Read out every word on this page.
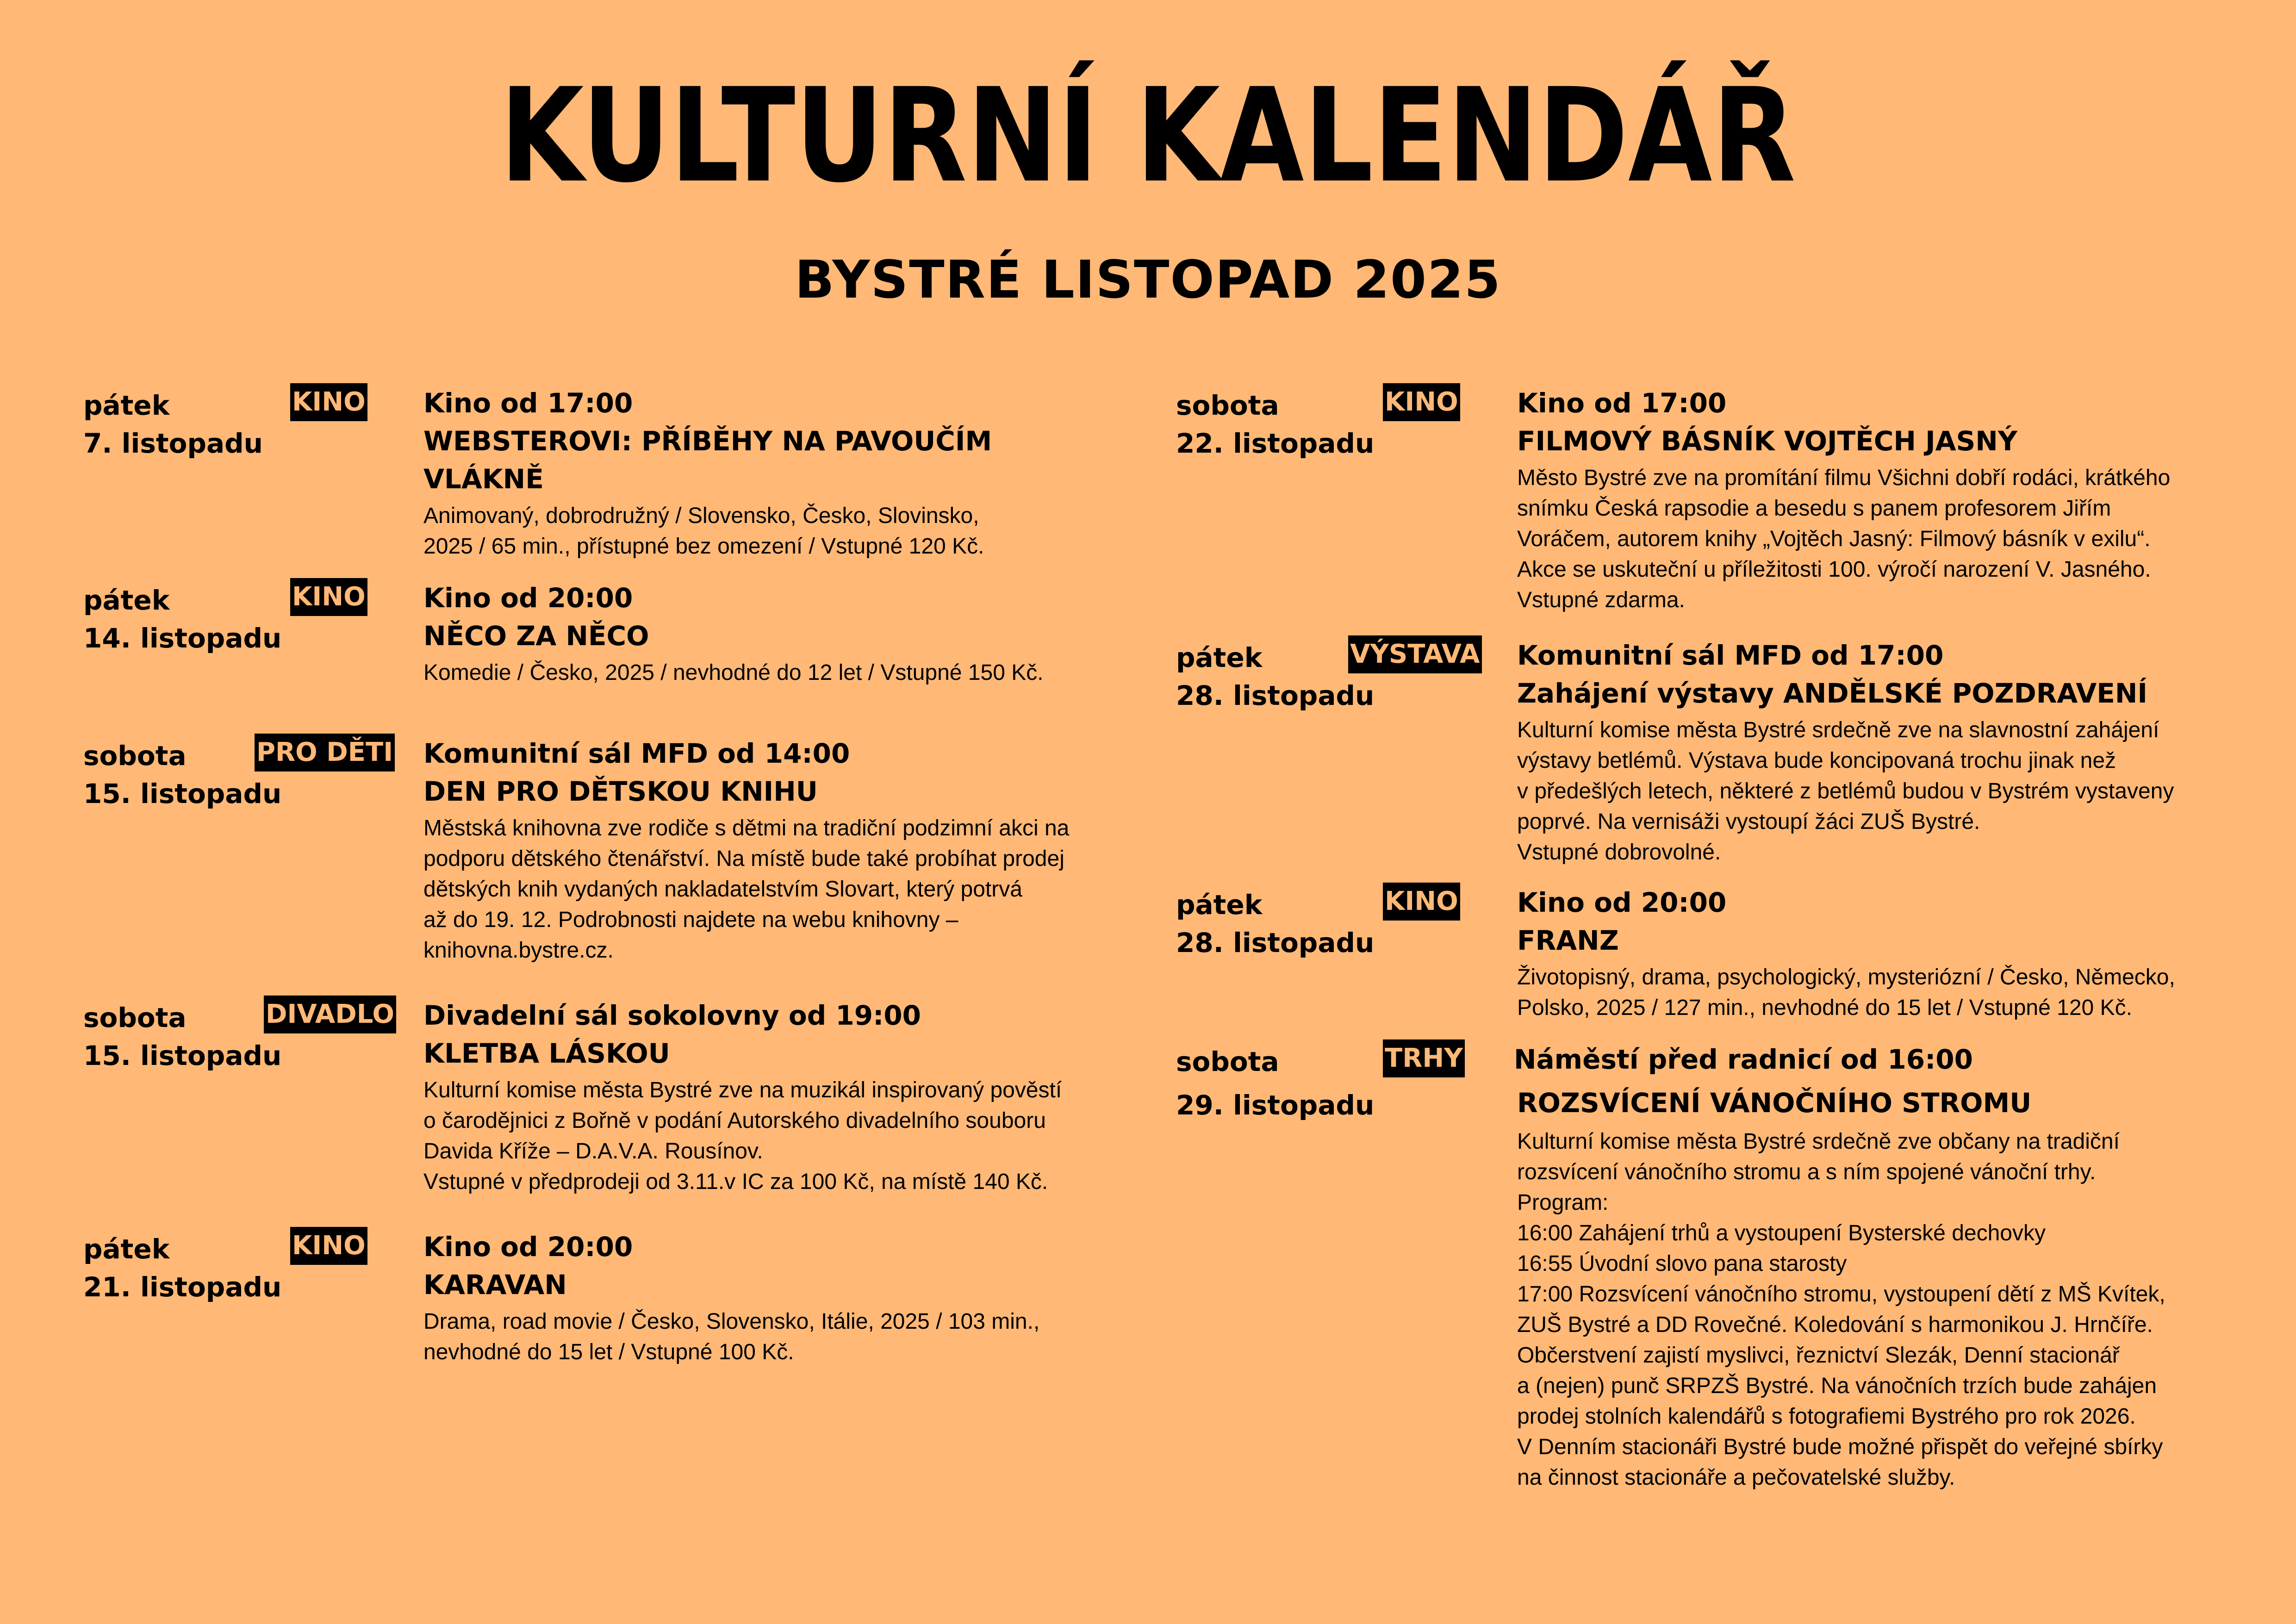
KULTURNÍ KALENDÁŘ
BYSTRÉ LISTOPAD 2025
pátek
7. listopadu
KINO Kino od 17:00
WEBSTEROVI: PŘÍBĚHY NA PAVOUČÍM
VLÁKNĚ
Animovaný, dobrodružný / Slovensko, Česko, Slovinsko,
2025 / 65 min., přístupné bez omezení / Vstupné 120 Kč.
pátek
14. listopadu
KINO Kino od 20:00
NĚCO ZA NĚCO
Komedie / Česko, 2025 / nevhodné do 12 let / Vstupné 150 Kč.
sobota
15. listopadu
PRO DĚTI Komunitní sál MFD od 14:00
DEN PRO DĚTSKOU KNIHU
Městská knihovna zve rodiče s dětmi na tradiční podzimní akci na
podporu dětského čtenářství. Na místě bude také probíhat prodej
dětských knih vydaných nakladatelstvím Slovart, který potrvá
až do 19. 12. Podrobnosti najdete na webu knihovny –
knihovna.bystre.cz.
sobota
15. listopadu
DIVADLO Divadelní sál sokolovny od 19:00
KLETBA LÁSKOU
Kulturní komise města Bystré zve na muzikál inspirovaný pověstí
o čarodějnici z Bořně v podání Autorského divadelního souboru
Davida Kříže – D.A.V.A. Rousínov.
Vstupné v předprodeji od 3.11.v IC za 100 Kč, na místě 140 Kč.
pátek
21. listopadu
KINO Kino od 20:00
KARAVAN
Drama, road movie / Česko, Slovensko, Itálie, 2025 / 103 min.,
nevhodné do 15 let / Vstupné 100 Kč.
sobota
22. listopadu
KINO Kino od 17:00
FILMOVÝ BÁSNÍK VOJTĚCH JASNÝ
Město Bystré zve na promítání filmu Všichni dobří rodáci, krátkého
snímku Česká rapsodie a besedu s panem profesorem Jiřím
Voráčem, autorem knihy „Vojtěch Jasný: Filmový básník v exilu“.
Akce se uskuteční u příležitosti 100. výročí narození V. Jasného.
Vstupné zdarma.
pátek
28. listopadu
VÝSTAVA Komunitní sál MFD od 17:00
Zahájení výstavy ANDĚLSKÉ POZDRAVENÍ
Kulturní komise města Bystré srdečně zve na slavnostní zahájení
výstavy betlémů. Výstava bude koncipovaná trochu jinak než
v předešlých letech, některé z betlémů budou v Bystrém vystaveny
poprvé. Na vernisáži vystoupí žáci ZUŠ Bystré.
Vstupné dobrovolné.
pátek
28. listopadu
KINO Kino od 20:00
FRANZ
Životopisný, drama, psychologický, mysteriózní / Česko, Německo,
Polsko, 2025 / 127 min., nevhodné do 15 let / Vstupné 120 Kč.
sobota
29. listopadu
TRHY Náměstí před radnicí od 16:00
ROZSVÍCENÍ VÁNOČNÍHO STROMU
Kulturní komise města Bystré srdečně zve občany na tradiční
rozsvícení vánočního stromu a s ním spojené vánoční trhy.
Program:
16:00 Zahájení trhů a vystoupení Bysterské dechovky
16:55 Úvodní slovo pana starosty
17:00 Rozsvícení vánočního stromu, vystoupení dětí z MŠ Kvítek,
ZUŠ Bystré a DD Rovečné. Koledování s harmonikou J. Hrnčíře.
Občerstvení zajistí myslivci, řeznictví Slezák, Denní stacionář
a (nejen) punč SRPZŠ Bystré. Na vánočních trzích bude zahájen
prodej stolních kalendářů s fotografiemi Bystrého pro rok 2026.
V Denním stacionáři Bystré bude možné přispět do veřejné sbírky
na činnost stacionáře a pečovatelské služby.
